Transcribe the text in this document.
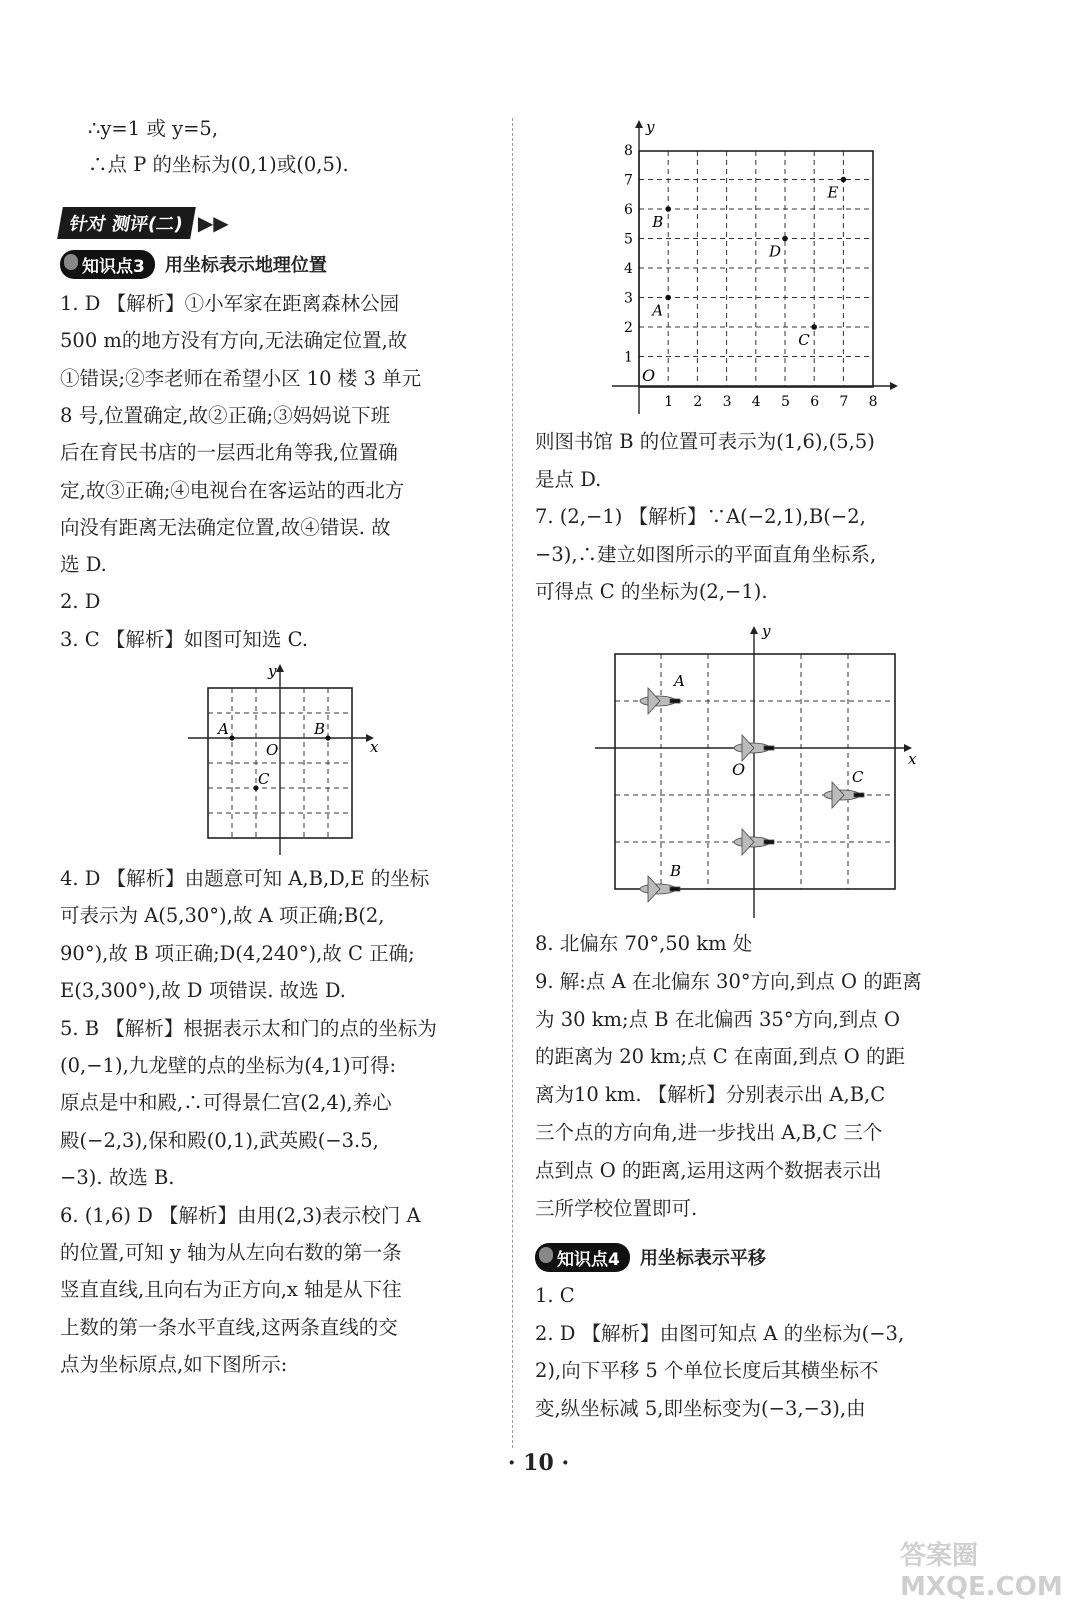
∴y=1 或 y=5,
∴点 P 的坐标为(0,1)或(0,5).
针对 测评(二) ▶▶
知识点3	用坐标表示地理位置
1. D 【解析】①小军家在距离森林公园
500 m的地方没有方向,无法确定位置,故
①错误;②李老师在希望小区 10 楼 3 单元
8 号,位置确定,故②正确;③妈妈说下班
后在育民书店的一层西北角等我,位置确
定,故③正确;④电视台在客运站的西北方
向没有距离无法确定位置,故④错误. 故
选 D.
2. D
3. C 【解析】如图可知选 C.
x
y
O
A	B
C
4. D 【解析】由题意可知 A,B,D,E 的坐标
可表示为 A(5,30°),故 A 项正确;B(2,
90°),故 B 项正确;D(4,240°),故 C 正确;
E(3,300°),故 D 项错误. 故选 D.
5. B 【解析】根据表示太和门的点的坐标为
(0,−1),九龙壁的点的坐标为(4,1)可得:
原点是中和殿,∴可得景仁宫(2,4),养心
殿(−2,3),保和殿(0,1),武英殿(−3.5,
−3). 故选 B.
6. (1,6) D 【解析】由用(2,3)表示校门 A
的位置,可知 y 轴为从左向右数的第一条
竖直直线,且向右为正方向,x 轴是从下往
上数的第一条水平直线,这两条直线的交
点为坐标原点,如下图所示:
y
O
1 2 3 4 5 6 7 8
1
2
3
4
5
6
7
8
A
B
C
D
E
则图书馆 B 的位置可表示为(1,6),(5,5)
是点 D.
7. (2,−1) 【解析】∵A(−2,1),B(−2,
−3),∴建立如图所示的平面直角坐标系,
可得点 C 的坐标为(2,−1).
x
y
O
A
C
B
8. 北偏东 70°,50 km 处
9. 解:点 A 在北偏东 30°方向,到点 O 的距离
为 30 km;点 B 在北偏西 35°方向,到点 O
的距离为 20 km;点 C 在南面,到点 O 的距
离为10 km. 【解析】分别表示出 A,B,C
三个点的方向角,进一步找出 A,B,C 三个
点到点 O 的距离,运用这两个数据表示出
三所学校位置即可.
知识点4	用坐标表示平移
1. C
2. D 【解析】由图可知点 A 的坐标为(−3,
2),向下平移 5 个单位长度后其横坐标不
变,纵坐标减 5,即坐标变为(−3,−3),由
· 10 ·
答案圈 MXQE.COM
